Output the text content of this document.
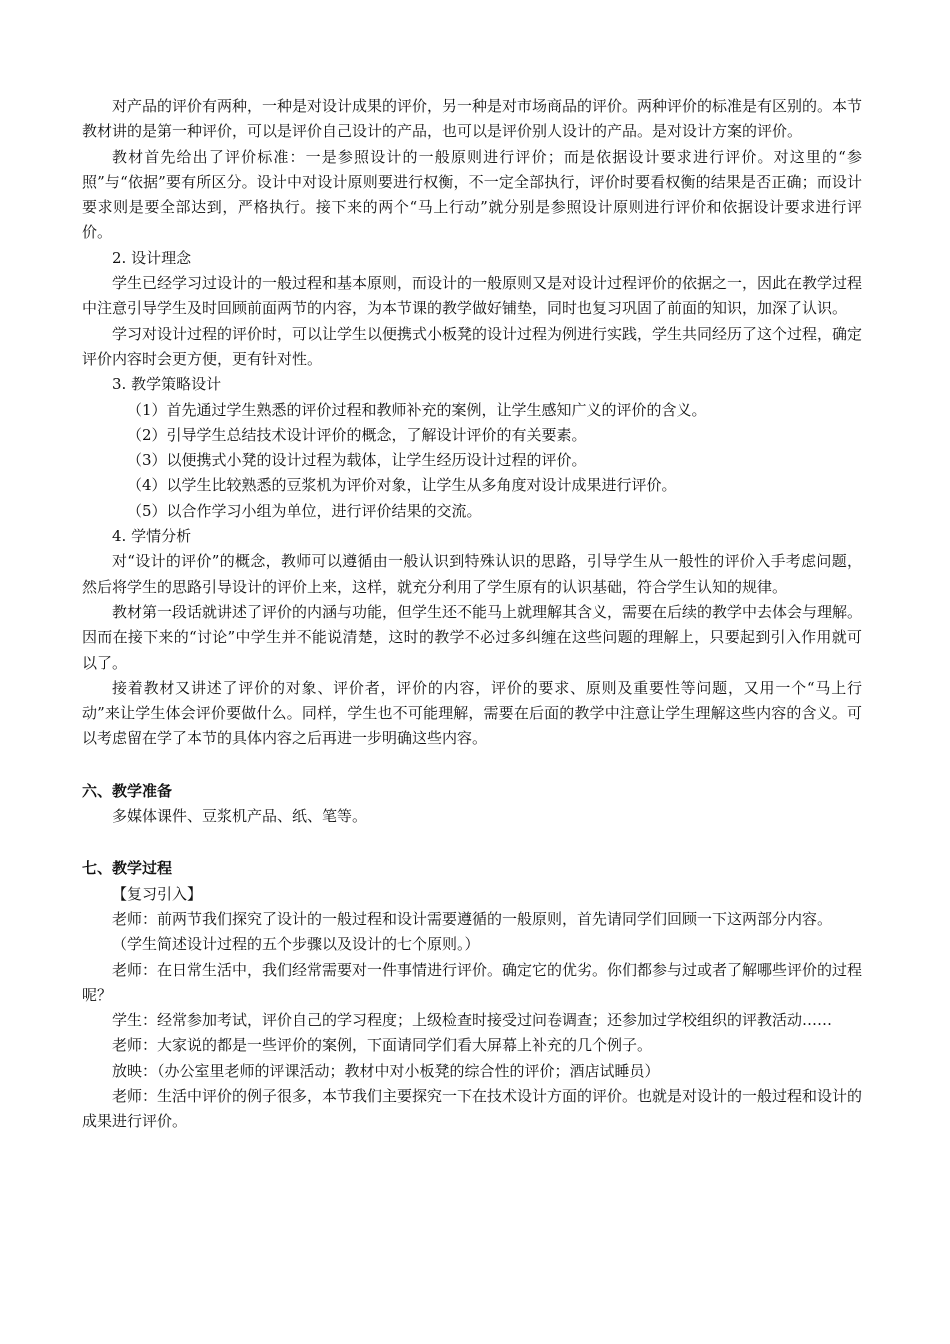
对产品的评价有两种，一种是对设计成果的评价，另一种是对市场商品的评价。两种评价的标准是有区别的。本节教材讲的是第一种评价，可以是评价自己设计的产品，也可以是评价别人设计的产品。是对设计方案的评价。

教材首先给出了评价标准：一是参照设计的一般原则进行评价；而是依据设计要求进行评价。对这里的“参照”与“依据”要有所区分。设计中对设计原则要进行权衡，不一定全部执行，评价时要看权衡的结果是否正确；而设计要求则是要全部达到，严格执行。接下来的两个“马上行动”就分别是参照设计原则进行评价和依据设计要求进行评价。

2. 设计理念

学生已经学习过设计的一般过程和基本原则，而设计的一般原则又是对设计过程评价的依据之一，因此在教学过程中注意引导学生及时回顾前面两节的内容，为本节课的教学做好铺垫，同时也复习巩固了前面的知识，加深了认识。

学习对设计过程的评价时，可以让学生以便携式小板凳的设计过程为例进行实践，学生共同经历了这个过程，确定评价内容时会更方便，更有针对性。

3. 教学策略设计

（1）首先通过学生熟悉的评价过程和教师补充的案例，让学生感知广义的评价的含义。

（2）引导学生总结技术设计评价的概念，了解设计评价的有关要素。

（3）以便携式小凳的设计过程为载体，让学生经历设计过程的评价。

（4）以学生比较熟悉的豆浆机为评价对象，让学生从多角度对设计成果进行评价。

（5）以合作学习小组为单位，进行评价结果的交流。

4. 学情分析

对“设计的评价”的概念，教师可以遵循由一般认识到特殊认识的思路，引导学生从一般性的评价入手考虑问题，然后将学生的思路引导设计的评价上来，这样，就充分利用了学生原有的认识基础，符合学生认知的规律。

教材第一段话就讲述了评价的内涵与功能，但学生还不能马上就理解其含义，需要在后续的教学中去体会与理解。因而在接下来的“讨论”中学生并不能说清楚，这时的教学不必过多纠缠在这些问题的理解上，只要起到引入作用就可以了。

接着教材又讲述了评价的对象、评价者，评价的内容，评价的要求、原则及重要性等问题，又用一个“马上行动”来让学生体会评价要做什么。同样，学生也不可能理解，需要在后面的教学中注意让学生理解这些内容的含义。可以考虑留在学了本节的具体内容之后再进一步明确这些内容。

六、教学准备

多媒体课件、豆浆机产品、纸、笔等。

七、教学过程

【复习引入】

老师：前两节我们探究了设计的一般过程和设计需要遵循的一般原则，首先请同学们回顾一下这两部分内容。

（学生简述设计过程的五个步骤以及设计的七个原则。）

老师：在日常生活中，我们经常需要对一件事情进行评价。确定它的优劣。你们都参与过或者了解哪些评价的过程呢？

学生：经常参加考试，评价自己的学习程度；上级检查时接受过问卷调查；还参加过学校组织的评教活动……

老师：大家说的都是一些评价的案例，下面请同学们看大屏幕上补充的几个例子。

放映：（办公室里老师的评课活动；教材中对小板凳的综合性的评价；酒店试睡员）

老师：生活中评价的例子很多，本节我们主要探究一下在技术设计方面的评价。也就是对设计的一般过程和设计的成果进行评价。
